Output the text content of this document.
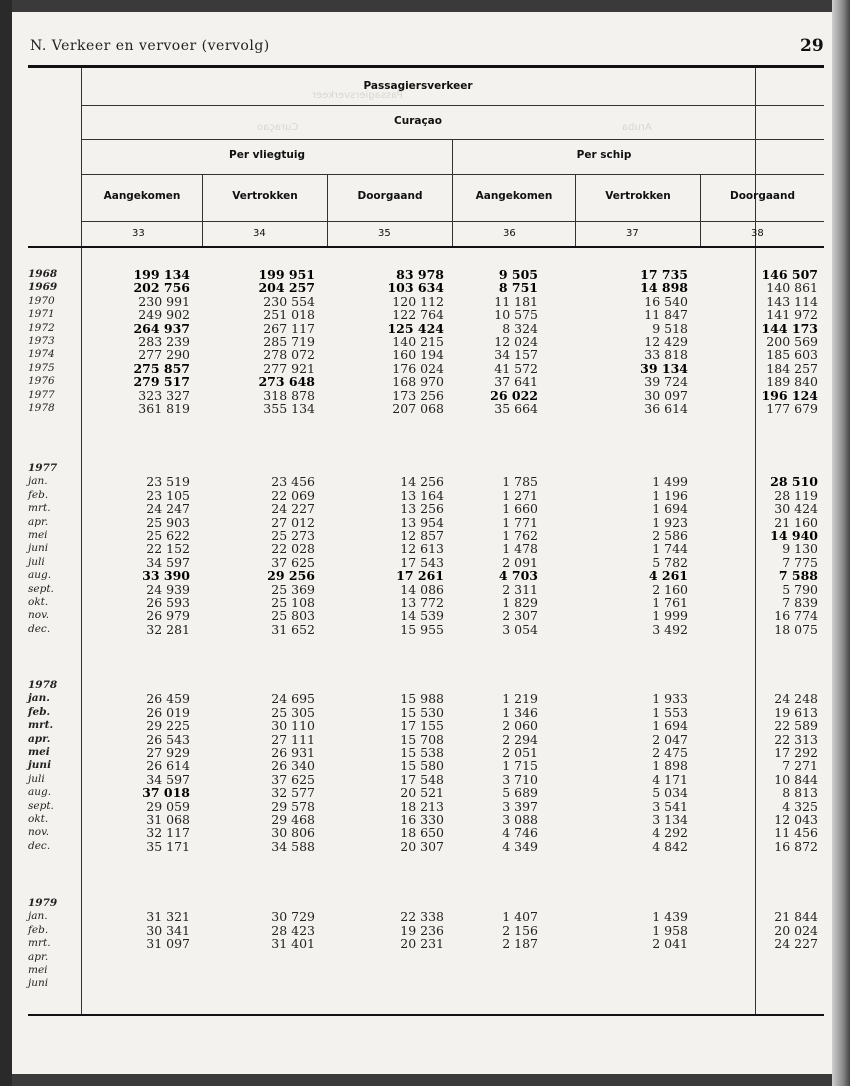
Passagiersverkeer
Aruba
Curaçao
N. Verkeer en vervoer (vervolg)	29
Passagiersverkeer
Curaçao
Per vliegtuig	Per schip
Aangekomen
33
Vertrokken
34
Doorgaand
35
Aangekomen
36
Vertrokken
37
Doorgaand
38
1968	199 134	199 951	83 978	9 505	17 735	146 507
1969	202 756	204 257	103 634	8 751	14 898	140 861
1970	230 991	230 554	120 112	11 181	16 540	143 114
1971	249 902	251 018	122 764	10 575	11 847	141 972
1972	264 937	267 117	125 424	8 324	9 518	144 173
1973	283 239	285 719	140 215	12 024	12 429	200 569
1974	277 290	278 072	160 194	34 157	33 818	185 603
1975	275 857	277 921	176 024	41 572	39 134	184 257
1976	279 517	273 648	168 970	37 641	39 724	189 840
1977	323 327	318 878	173 256	26 022	30 097	196 124
1978	361 819	355 134	207 068	35 664	36 614	177 679
1977
jan.	23 519	23 456	14 256	1 785	1 499	28 510
feb.	23 105	22 069	13 164	1 271	1 196	28 119
mrt.	24 247	24 227	13 256	1 660	1 694	30 424
apr.	25 903	27 012	13 954	1 771	1 923	21 160
mei	25 622	25 273	12 857	1 762	2 586	14 940
juni	22 152	22 028	12 613	1 478	1 744	9 130
juli	34 597	37 625	17 543	2 091	5 782	7 775
aug.	33 390	29 256	17 261	4 703	4 261	7 588
sept.	24 939	25 369	14 086	2 311	2 160	5 790
okt.	26 593	25 108	13 772	1 829	1 761	7 839
nov.	26 979	25 803	14 539	2 307	1 999	16 774
dec.	32 281	31 652	15 955	3 054	3 492	18 075
1978
jan.	26 459	24 695	15 988	1 219	1 933	24 248
feb.	26 019	25 305	15 530	1 346	1 553	19 613
mrt.	29 225	30 110	17 155	2 060	1 694	22 589
apr.	26 543	27 111	15 708	2 294	2 047	22 313
mei	27 929	26 931	15 538	2 051	2 475	17 292
juni	26 614	26 340	15 580	1 715	1 898	7 271
juli	34 597	37 625	17 548	3 710	4 171	10 844
aug.	37 018	32 577	20 521	5 689	5 034	8 813
sept.	29 059	29 578	18 213	3 397	3 541	4 325
okt.	31 068	29 468	16 330	3 088	3 134	12 043
nov.	32 117	30 806	18 650	4 746	4 292	11 456
dec.	35 171	34 588	20 307	4 349	4 842	16 872
1979
jan.	31 321	30 729	22 338	1 407	1 439	21 844
feb.	30 341	28 423	19 236	2 156	1 958	20 024
mrt.	31 097	31 401	20 231	2 187	2 041	24 227
apr.
mei
juni
